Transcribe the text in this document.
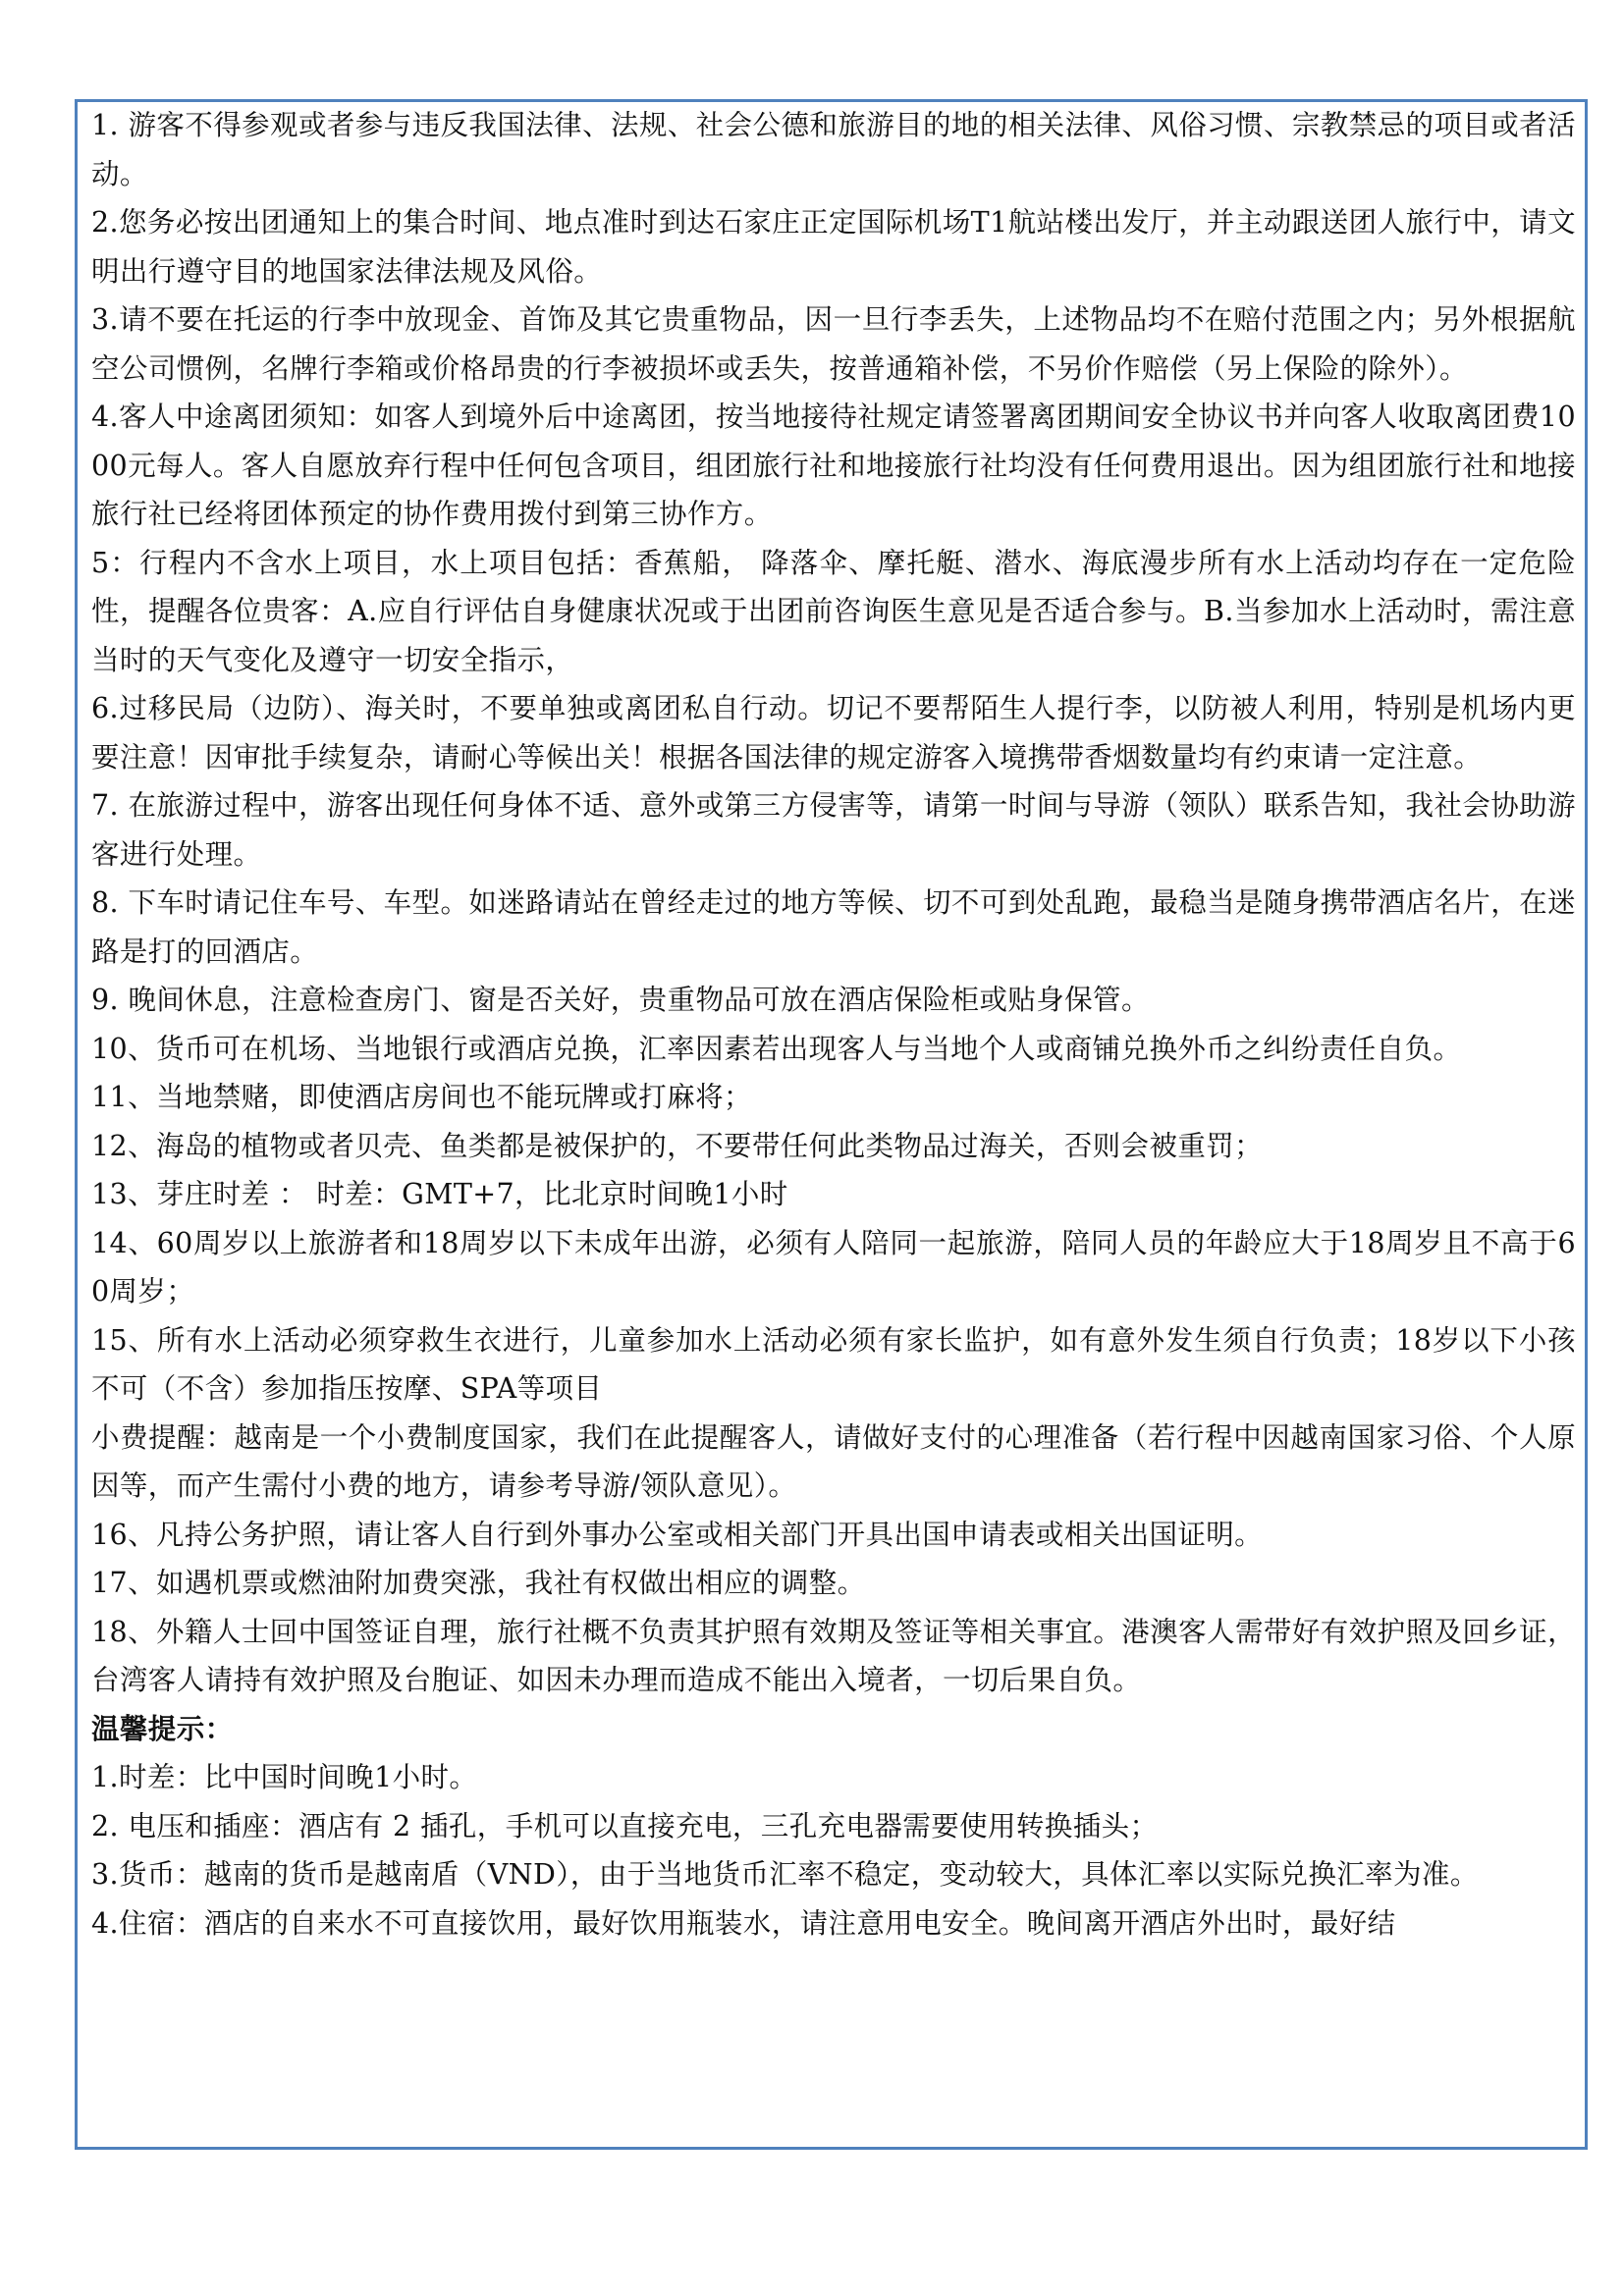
1. 游客不得参观或者参与违反我国法律、法规、社会公德和旅游目的地的相关法律、风俗习惯、宗教禁忌的项目或者活动。

2.您务必按出团通知上的集合时间、地点准时到达石家庄正定国际机场T1航站楼出发厅，并主动跟送团人旅行中，请文明出行遵守目的地国家法律法规及风俗。

3.请不要在托运的行李中放现金、首饰及其它贵重物品，因一旦行李丢失，上述物品均不在赔付范围之内；另外根据航空公司惯例，名牌行李箱或价格昂贵的行李被损坏或丢失，按普通箱补偿，不另价作赔偿（另上保险的除外）。

4.客人中途离团须知：如客人到境外后中途离团，按当地接待社规定请签署离团期间安全协议书并向客人收取离团费1000元每人。客人自愿放弃行程中任何包含项目，组团旅行社和地接旅行社均没有任何费用退出。因为组团旅行社和地接旅行社已经将团体预定的协作费用拨付到第三协作方。

5：行程内不含水上项目，水上项目包括：香蕉船， 降落伞、摩托艇、潜水、海底漫步所有水上活动均存在一定危险性，提醒各位贵客：A.应自行评估自身健康状况或于出团前咨询医生意见是否适合参与。B.当参加水上活动时，需注意当时的天气变化及遵守一切安全指示，

6.过移民局（边防）、海关时，不要单独或离团私自行动。切记不要帮陌生人提行李，以防被人利用，特别是机场内更要注意！因审批手续复杂，请耐心等候出关！根据各国法律的规定游客入境携带香烟数量均有约束请一定注意。

7. 在旅游过程中，游客出现任何身体不适、意外或第三方侵害等，请第一时间与导游（领队）联系告知，我社会协助游客进行处理。

8. 下车时请记住车号、车型。如迷路请站在曾经走过的地方等候、切不可到处乱跑，最稳当是随身携带酒店名片，在迷路是打的回酒店。

9. 晚间休息，注意检查房门、窗是否关好，贵重物品可放在酒店保险柜或贴身保管。

10、货币可在机场、当地银行或酒店兑换，汇率因素若出现客人与当地个人或商铺兑换外币之纠纷责任自负。

11、当地禁赌，即使酒店房间也不能玩牌或打麻将；

12、海岛的植物或者贝壳、鱼类都是被保护的，不要带任何此类物品过海关，否则会被重罚；

13、芽庄时差 ： 时差：GMT+7，比北京时间晚1小时

14、60周岁以上旅游者和18周岁以下未成年出游，必须有人陪同一起旅游，陪同人员的年龄应大于18周岁且不高于60周岁；

15、所有水上活动必须穿救生衣进行，儿童参加水上活动必须有家长监护，如有意外发生须自行负责；18岁以下小孩不可（不含）参加指压按摩、SPA等项目

小费提醒：越南是一个小费制度国家，我们在此提醒客人，请做好支付的心理准备（若行程中因越南国家习俗、个人原因等，而产生需付小费的地方，请参考导游/领队意见）。

16、凡持公务护照，请让客人自行到外事办公室或相关部门开具出国申请表或相关出国证明。

17、如遇机票或燃油附加费突涨，我社有权做出相应的调整。

18、外籍人士回中国签证自理，旅行社概不负责其护照有效期及签证等相关事宜。港澳客人需带好有效护照及回乡证，台湾客人请持有效护照及台胞证、如因未办理而造成不能出入境者，一切后果自负。

温馨提示：

1.时差：比中国时间晚1小时。

2. 电压和插座：酒店有 2 插孔，手机可以直接充电，三孔充电器需要使用转换插头；

3.货币：越南的货币是越南盾（VND），由于当地货币汇率不稳定，变动较大，具体汇率以实际兑换汇率为准。

4.住宿：酒店的自来水不可直接饮用，最好饮用瓶装水，请注意用电安全。晚间离开酒店外出时，最好结
